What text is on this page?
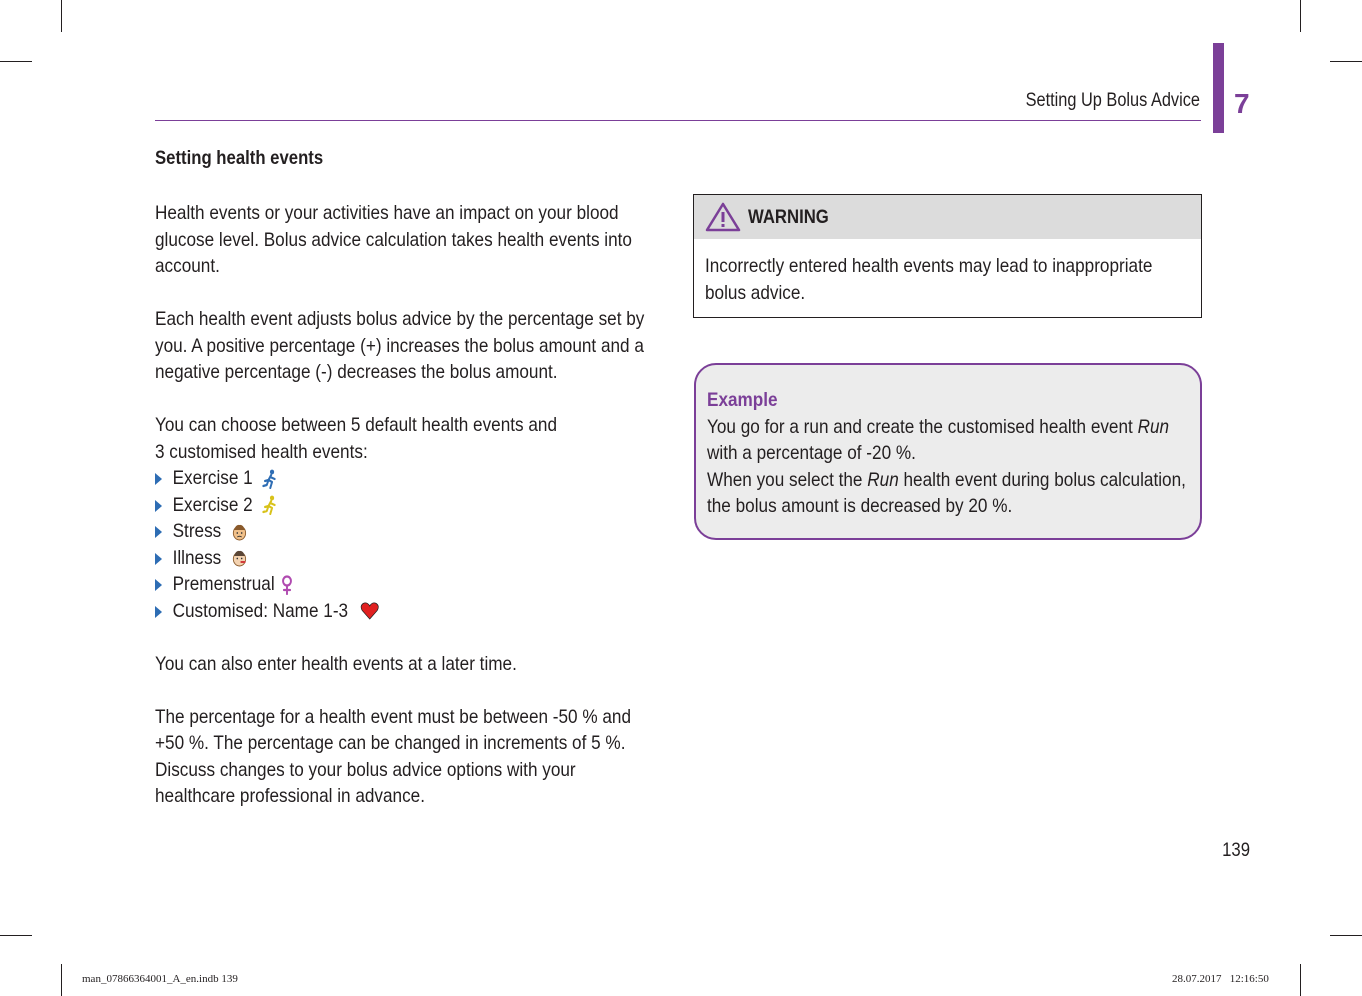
Setting Up Bolus Advice 7
Setting health events

Health events or your activities have an impact on your blood glucose level. Bolus advice calculation takes health events into account.

Each health event adjusts bolus advice by the percentage set by you. A positive percentage (+) increases the bolus amount and a negative percentage (-) decreases the bolus amount.

You can choose between 5 default health events and

3 customised health events:

Exercise 1
Exercise 2
Stress
Illness
Premenstrual
Customised: Name 1-3

You can also enter health events at a later time.

The percentage for a health event must be between -50 % and +50 %. The percentage can be changed in increments of 5 %. Discuss changes to your bolus advice options with your healthcare professional in advance.

WARNING
Incorrectly entered health events may lead to inappropriate bolus advice.

Example

You go for a run and create the customised health event Run

with a percentage of -20 %.

When you select the Run health event during bolus calculation, the bolus amount is decreased by 20 %.

139
man_07866364001_A_en.indb 139	28.07.2017   12:16:50
